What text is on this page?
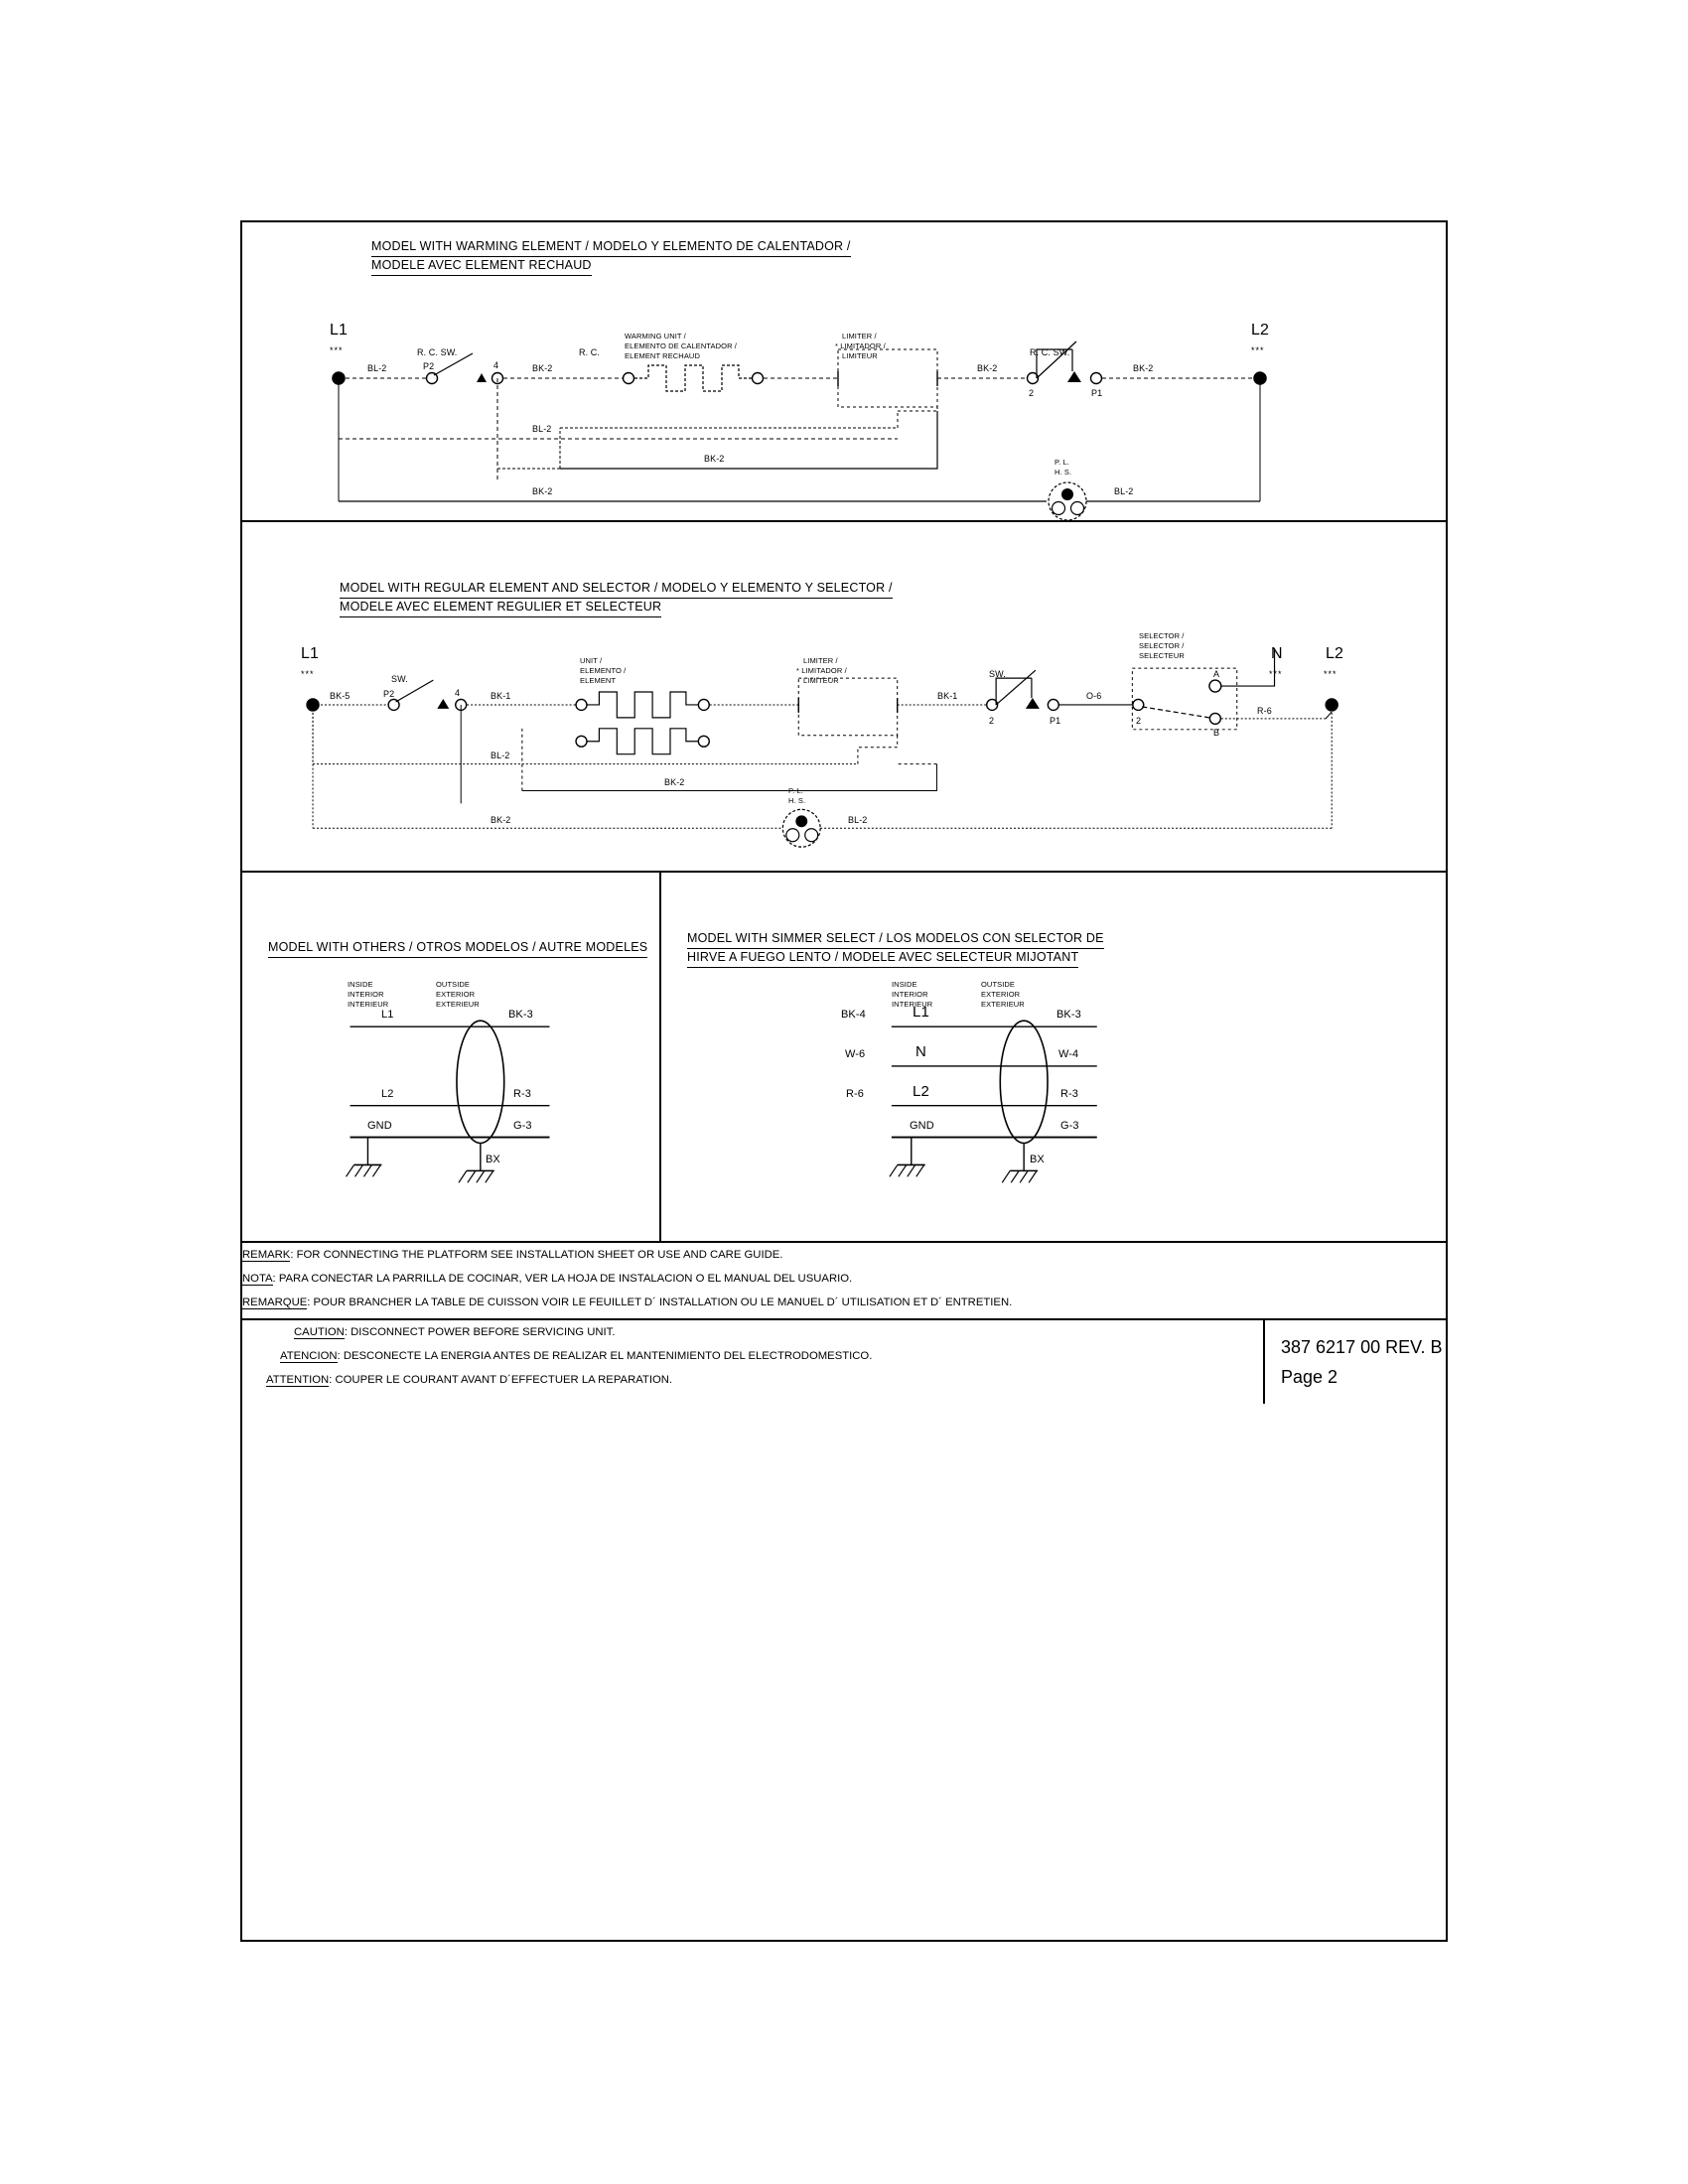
MODEL WITH WARMING ELEMENT / MODELO Y ELEMENTO DE CALENTADOR /
MODELE AVEC ELEMENT RECHAUD
L1
***
L2
***
R. C. SW.	R. C.
WARMING UNIT /
ELEMENTO DE CALENTADOR /
ELEMENT RECHAUD
LIMITER /
* LIMITADOR /
LIMITEUR	R. C. SW.
BL-2	P2	4	BK-2	BK-2
2	P1
BK-2
BL-2
BK-2
BK-2	BL-2
P. L.
H. S.
MODEL WITH REGULAR ELEMENT AND SELECTOR / MODELO Y ELEMENTO Y SELECTOR /
MODELE AVEC ELEMENT REGULIER ET SELECTEUR
L1
***
N
***
L2
***
SW.	SW.
UNIT /
ELEMENTO /
ELEMENT
LIMITER /
* LIMITADOR /
LIMITEUR
SELECTOR /
SELECTOR /
SELECTEUR
A
B
BK-5	P2	4	BK-1	BK-1
2	P1
O-6
2
R-6
BL-2
BK-2
BK-2	BL-2
P. L.
H. S.
MODEL WITH OTHERS / OTROS MODELOS / AUTRE MODELES
INSIDE
INTERIOR
INTERIEUR
OUTSIDE
EXTERIOR
EXTERIEUR
L1	BK-3
L2	R-3
GND	G-3
BX
MODEL WITH SIMMER SELECT / LOS MODELOS CON SELECTOR DE
HIRVE A FUEGO LENTO / MODELE AVEC SELECTEUR MIJOTANT
INSIDE
INTERIOR
INTERIEUR
OUTSIDE
EXTERIOR
EXTERIEUR
BK-4	L1	BK-3
W-6	N	W-4
R-6	L2	R-3
GND	G-3
BX
REMARK: FOR CONNECTING THE PLATFORM SEE INSTALLATION SHEET OR USE AND CARE GUIDE.
NOTA: PARA CONECTAR LA PARRILLA DE COCINAR, VER LA HOJA DE INSTALACION O EL MANUAL DEL USUARIO.
REMARQUE: POUR BRANCHER LA TABLE DE CUISSON VOIR LE FEUILLET D´ INSTALLATION OU LE MANUEL D´ UTILISATION ET D´ ENTRETIEN.
CAUTION: DISCONNECT POWER BEFORE SERVICING UNIT.
ATENCION: DESCONECTE LA ENERGIA ANTES DE REALIZAR EL MANTENIMIENTO DEL ELECTRODOMESTICO.
ATTENTION: COUPER LE COURANT AVANT D´EFFECTUER LA REPARATION.
387 6217 00 REV. B
Page 2
